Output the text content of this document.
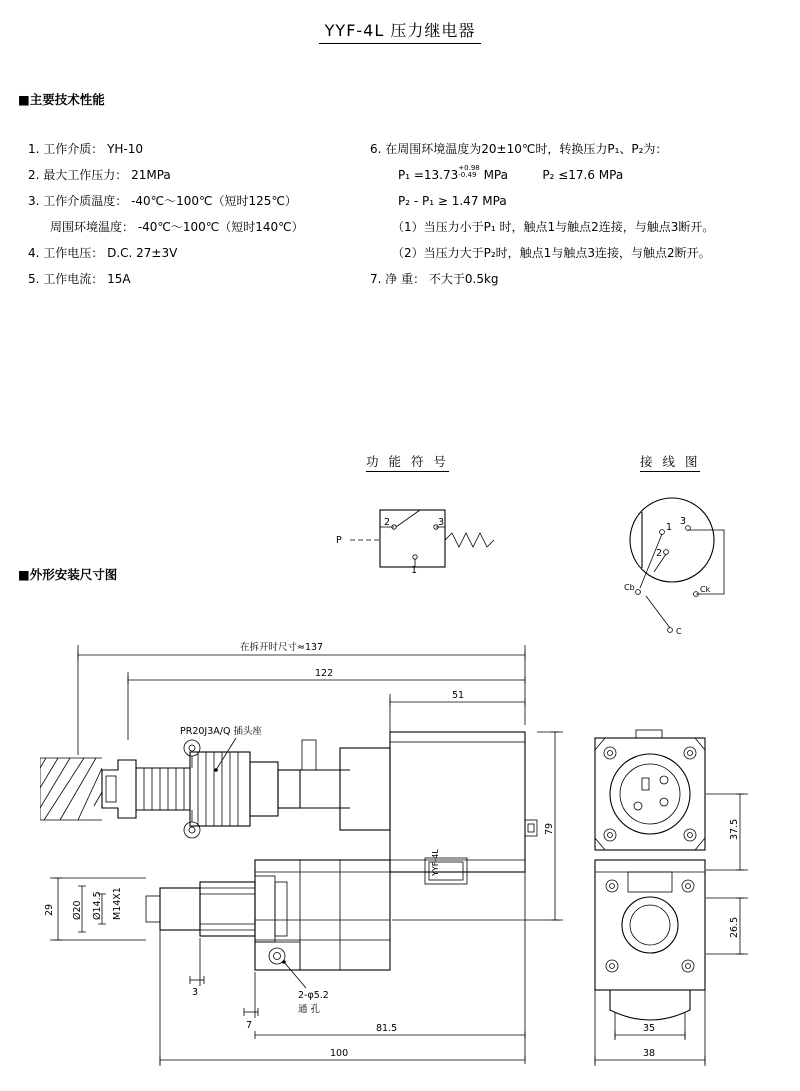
YYF-4L 压力继电器
■主要技术性能
1. 工作介质： YH-10
2. 最大工作压力： 21MPa
3. 工作介质温度： -40℃～100℃（短时125℃）
周围环境温度： -40℃～100℃（短时140℃）
4. 工作电压： D.C. 27±3V
5. 工作电流： 15A
6. 在周围环境温度为20±10℃时，转换压力P₁、P₂为：
P₁ =13.73+0.98
-0.49 MPa	P₂ ≤17.6 MPa
P₂ - P₁ ≥ 1.47 MPa
（1）当压力小于P₁ 时，触点1与触点2连接，与触点3断开。
（2）当压力大于P₂时，触点1与触点3连接，与触点2断开。
7. 净 重： 不大于0.5kg
功 能 符 号	接 线 图
P
2	3
1
1
3
2
Cb	Ck
C
■外形安装尺寸图
在拆开时尺寸≈137
122
51
YYF-4L
PR20J3A/Q 插头座
2-φ5.2
通 孔
29 Ø20 Ø14.5 M14X1
79
3
7	81.5
100
37.5
26.5
35
38
